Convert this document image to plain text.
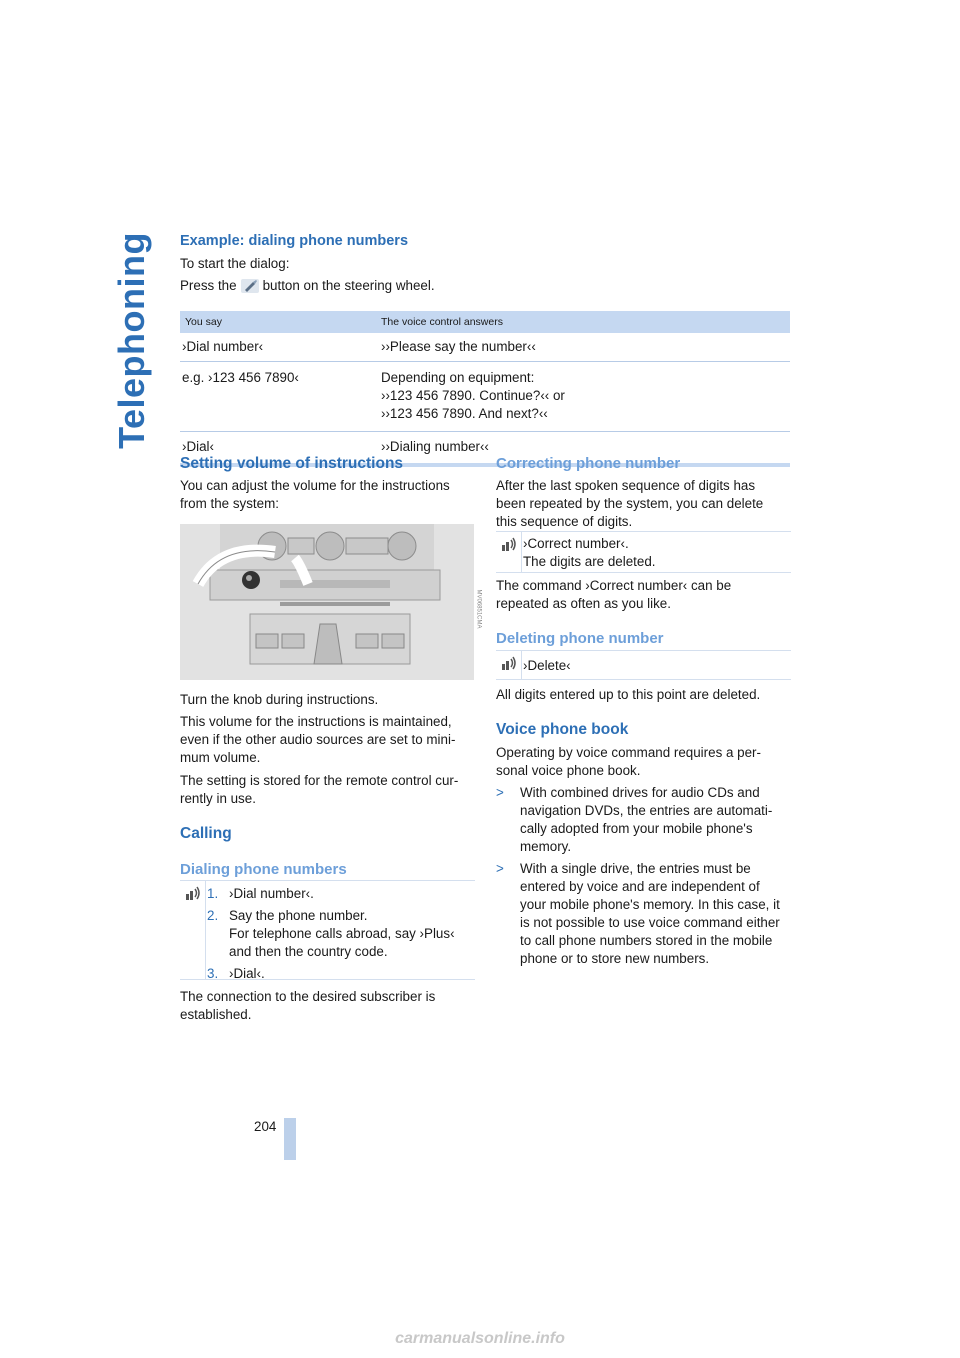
Telephoning Example: dialing phone numbers

To start the dialog:

Press the button on the steering wheel.
You say	The voice control answers
›Dial number‹	››Please say the number‹‹
e.g. ›123 456 7890‹	Depending on equipment:
››123 456 7890. Continue?‹‹ or
››123 456 7890. And next?‹‹
›Dial‹	››Dialing number‹‹
Setting volume of instructions

You can adjust the volume for the instructions from the system:

MV06851CMA

Turn the knob during instructions.

This volume for the instructions is maintained,

even if the other audio sources are set to mini-

mum volume.

The setting is stored for the remote control cur-

rently in use.

Calling
Dialing phone numbers
1. ›Dial number‹.
2. Say the phone number.
For telephone calls abroad, say ›Plus‹
and then the country code.
3. ›Dial‹.

The connection to the desired subscriber is

established.

Correcting phone number

After the last spoken sequence of digits has

been repeated by the system, you can delete

this sequence of digits.

›Correct number‹.
The digits are deleted.

The command ›Correct number‹ can be

repeated as often as you like.

Deleting phone number
›Delete‹

All digits entered up to this point are deleted.

Voice phone book

Operating by voice command requires a per-

sonal voice phone book.

> With combined drives for audio CDs and
navigation DVDs, the entries are automati-
cally adopted from your mobile phone's
memory.
> With a single drive, the entries must be
entered by voice and are independent of
your mobile phone's memory. In this case, it
is not possible to use voice command either
to call phone numbers stored in the mobile
phone or to store new numbers.
204
carmanualsonline.info
